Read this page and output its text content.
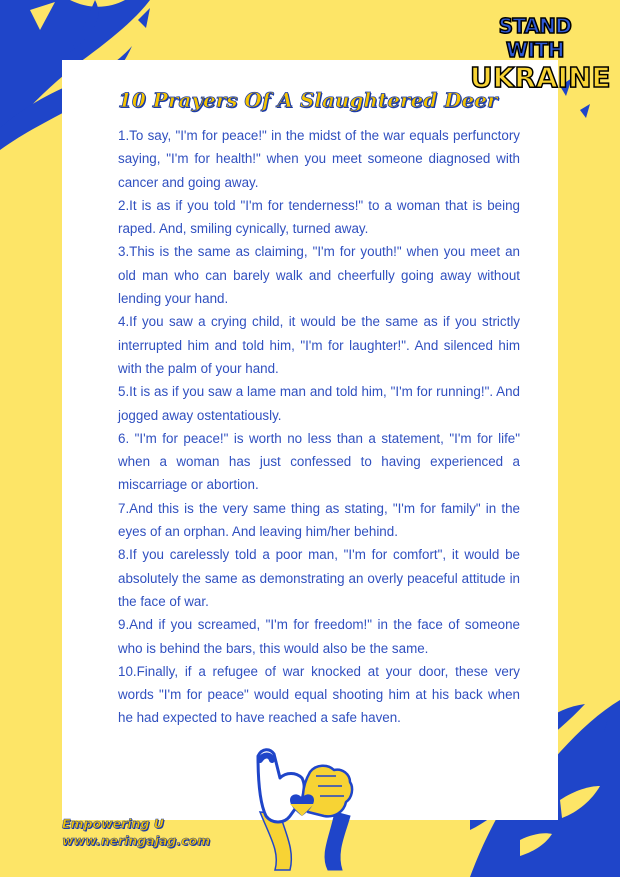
STAND WITH
UKRAINE
10 Prayers Of A Slaughtered Deer

1.To say, "I'm for peace!" in the midst of the war equals perfunctory saying, "I'm for health!" when you meet someone diagnosed with cancer and going away.

2.It is as if you told "I'm for tenderness!" to a woman that is being raped. And, smiling cynically, turned away.

3.This is the same as claiming, "I'm for youth!" when you meet an old man who can barely walk and cheerfully going away without lending your hand.

4.If you saw a crying child, it would be the same as if you strictly interrupted him and told him, "I'm for laughter!". And silenced him with the palm of your hand.

5.It is as if you saw a lame man and told him, "I'm for running!". And jogged away ostentatiously.

6. "I'm for peace!" is worth no less than a statement, "I'm for life" when a woman has just confessed to having experienced a miscarriage or abortion.

7.And this is the very same thing as stating, "I'm for family" in the eyes of an orphan. And leaving him/her behind.

8.If you carelessly told a poor man, "I'm for comfort", it would be absolutely the same as demonstrating an overly peaceful attitude in the face of war.

9.And if you screamed, "I'm for freedom!" in the face of someone who is behind the bars, this would also be the same.

10.Finally, if a refugee of war knocked at your door, these very words "I'm for peace" would equal shooting him at his back when he had expected to have reached a safe haven.

Empowering U
www.neringajag.com
